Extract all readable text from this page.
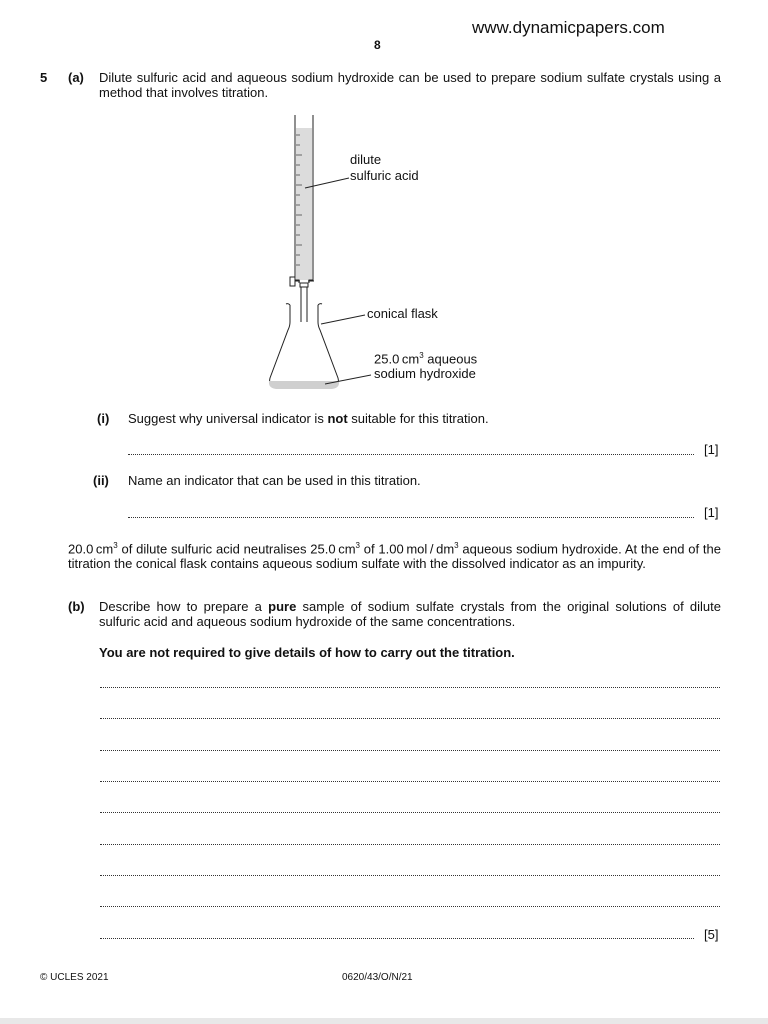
www.dynamicpapers.com
8
5 (a) Dilute sulfuric acid and aqueous sodium hydroxide can be used to prepare sodium sulfate crystals using a method that involves titration.
dilute
sulfuric acid
conical flask
25.0 $cm^3$ aqueous
sodium hydroxide
(i) Suggest why universal indicator is not suitable for this titration.
[1]
(ii) Name an indicator that can be used in this titration.
[1]
20.0 $cm^3$ of dilute sulfuric acid neutralises 25.0 $cm^3$ of 1.00 mol / $dm^3$ aqueous sodium hydroxide. At the end of the titration the conical flask contains aqueous sodium sulfate with the dissolved indicator as an impurity.
(b) Describe how to prepare a pure sample of sodium sulfate crystals from the original solutions of dilute sulfuric acid and aqueous sodium hydroxide of the same concentrations.
You are not required to give details of how to carry out the titration.
[5]
© UCLES 2021	0620/43/O/N/21
